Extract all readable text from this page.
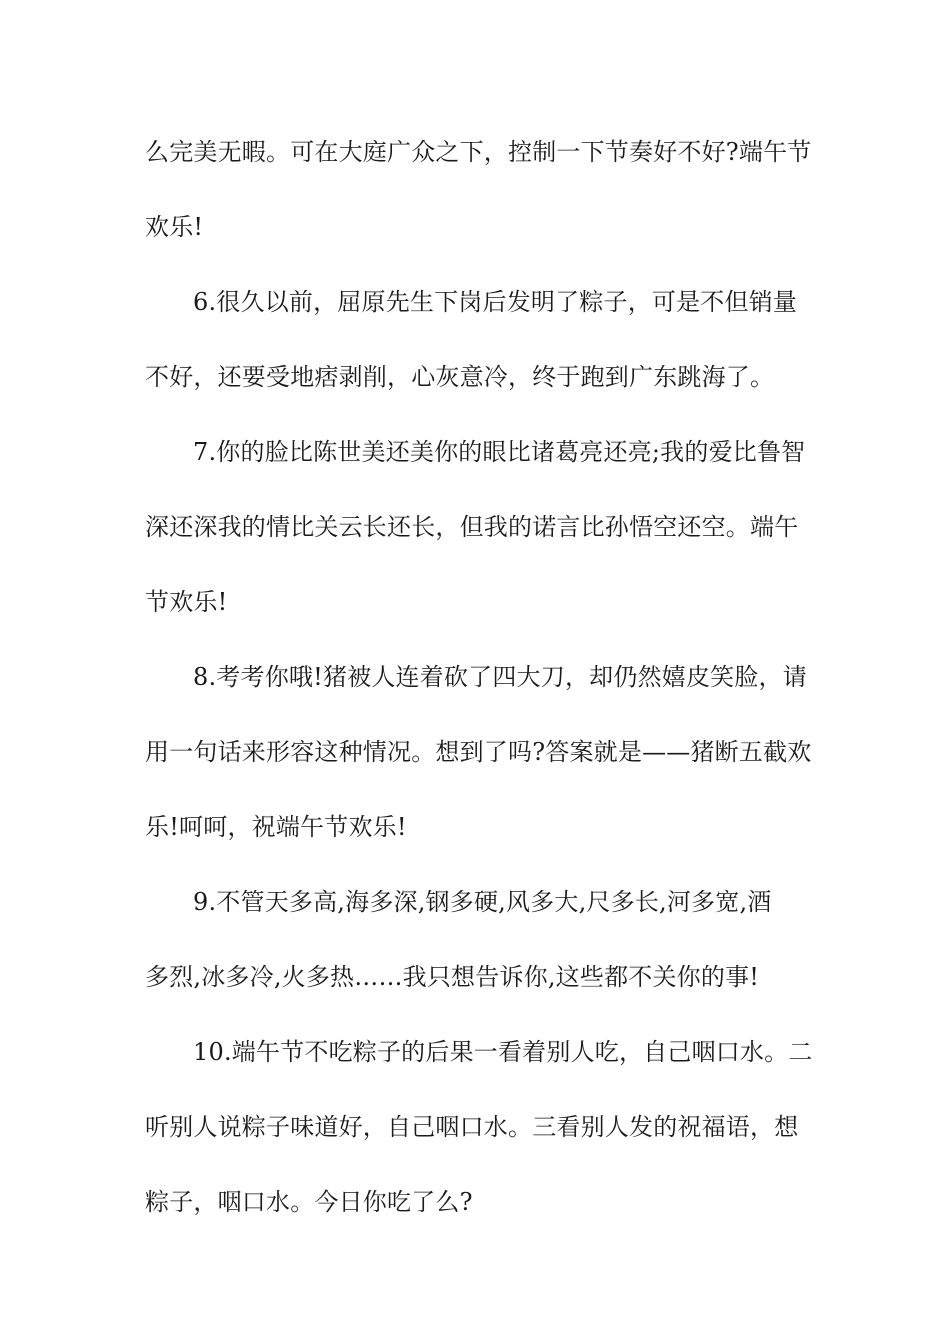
么完美无暇。可在大庭广众之下，控制一下节奏好不好?端午节
欢乐!
6.很久以前，屈原先生下岗后发明了粽子，可是不但销量
不好，还要受地痞剥削，心灰意冷，终于跑到广东跳海了。
7.你的脸比陈世美还美你的眼比诸葛亮还亮;我的爱比鲁智
深还深我的情比关云长还长，但我的诺言比孙悟空还空。端午
节欢乐!
8.考考你哦!猪被人连着砍了四大刀，却仍然嬉皮笑脸，请
用一句话来形容这种情况。想到了吗?答案就是——猪断五截欢
乐!呵呵，祝端午节欢乐!
9.不管天多高,海多深,钢多硬,风多大,尺多长,河多宽,酒
多烈,冰多冷,火多热……我只想告诉你,这些都不关你的事!
10.端午节不吃粽子的后果一看着别人吃，自己咽口水。二
听别人说粽子味道好，自己咽口水。三看别人发的祝福语，想
粽子，咽口水。今日你吃了么?
